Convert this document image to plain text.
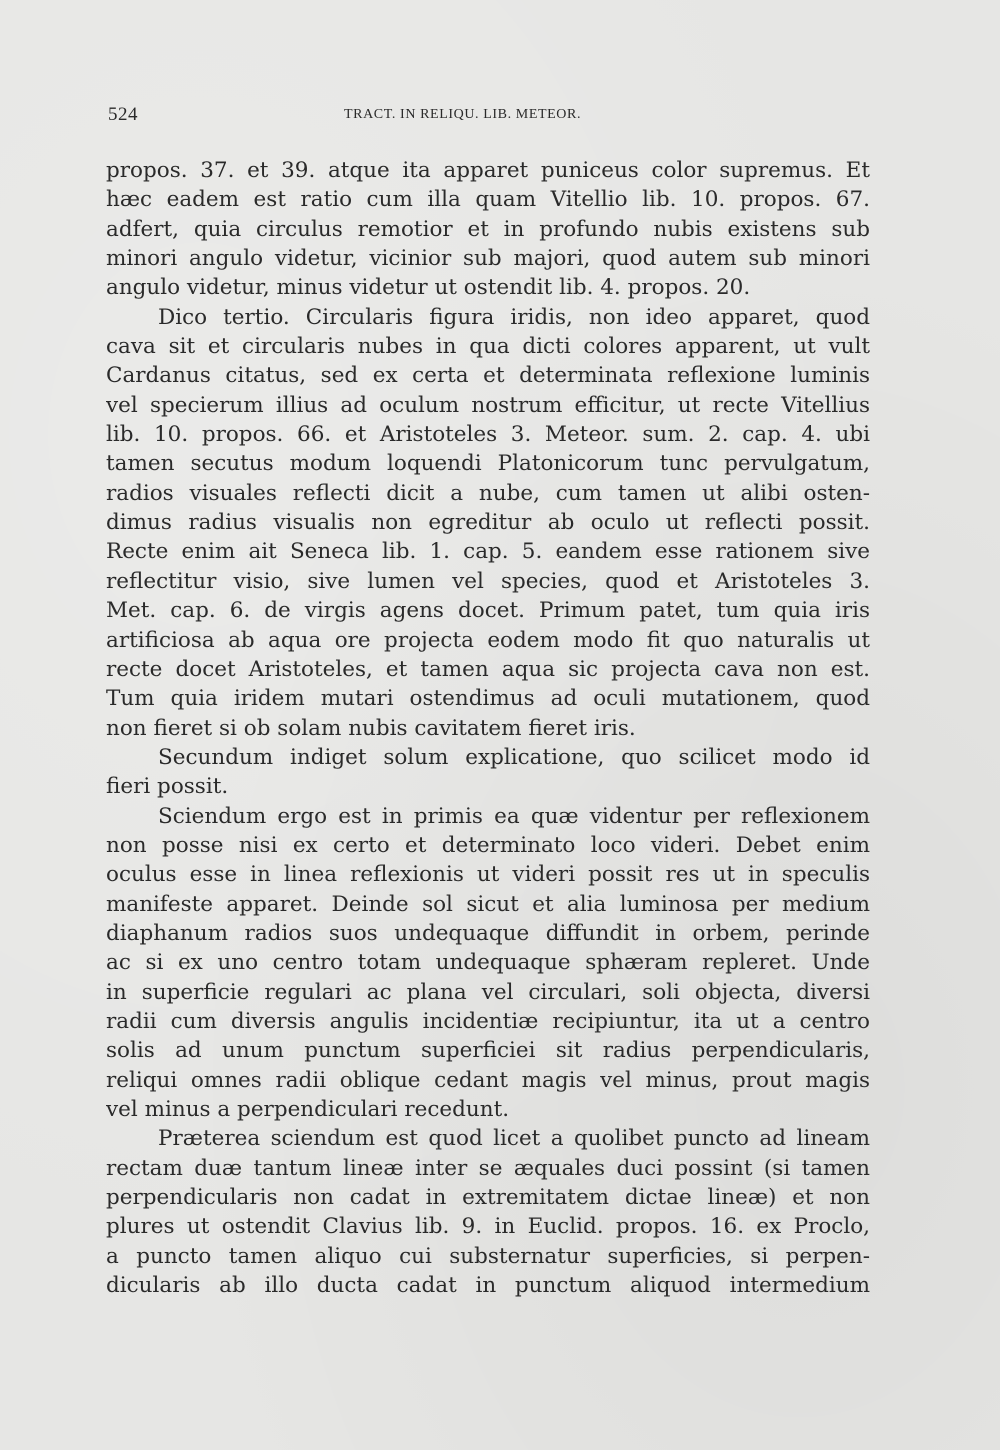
524	TRACT. IN RELIQU. LIB. METEOR.
propos. 37. et 39. atque ita apparet puniceus color supremus. Et
hæc eadem est ratio cum illa quam Vitellio lib. 10. propos. 67.
adfert, quia circulus remotior et in profundo nubis existens sub
minori angulo videtur, vicinior sub majori, quod autem sub minori
angulo videtur, minus videtur ut ostendit lib. 4. propos. 20.
Dico tertio. Circularis figura iridis, non ideo apparet, quod
cava sit et circularis nubes in qua dicti colores apparent, ut vult
Cardanus citatus, sed ex certa et determinata reflexione luminis
vel specierum illius ad oculum nostrum efficitur, ut recte Vitellius
lib. 10. propos. 66. et Aristoteles 3. Meteor. sum. 2. cap. 4. ubi
tamen secutus modum loquendi Platonicorum tunc pervulgatum,
radios visuales reflecti dicit a nube, cum tamen ut alibi osten-
dimus radius visualis non egreditur ab oculo ut reflecti possit.
Recte enim ait Seneca lib. 1. cap. 5. eandem esse rationem sive
reflectitur visio, sive lumen vel species, quod et Aristoteles 3.
Met. cap. 6. de virgis agens docet. Primum patet, tum quia iris
artificiosa ab aqua ore projecta eodem modo fit quo naturalis ut
recte docet Aristoteles, et tamen aqua sic projecta cava non est.
Tum quia iridem mutari ostendimus ad oculi mutationem, quod
non fieret si ob solam nubis cavitatem fieret iris.
Secundum indiget solum explicatione, quo scilicet modo id
fieri possit.
Sciendum ergo est in primis ea quæ videntur per reflexionem
non posse nisi ex certo et determinato loco videri. Debet enim
oculus esse in linea reflexionis ut videri possit res ut in speculis
manifeste apparet. Deinde sol sicut et alia luminosa per medium
diaphanum radios suos undequaque diffundit in orbem, perinde
ac si ex uno centro totam undequaque sphæram repleret. Unde
in superficie regulari ac plana vel circulari, soli objecta, diversi
radii cum diversis angulis incidentiæ recipiuntur, ita ut a centro
solis ad unum punctum superficiei sit radius perpendicularis,
reliqui omnes radii oblique cedant magis vel minus, prout magis
vel minus a perpendiculari recedunt.
Præterea sciendum est quod licet a quolibet puncto ad lineam
rectam duæ tantum lineæ inter se æquales duci possint (si tamen
perpendicularis non cadat in extremitatem dictae lineæ) et non
plures ut ostendit Clavius lib. 9. in Euclid. propos. 16. ex Proclo,
a puncto tamen aliquo cui substernatur superficies, si perpen-
dicularis ab illo ducta cadat in punctum aliquod intermedium
